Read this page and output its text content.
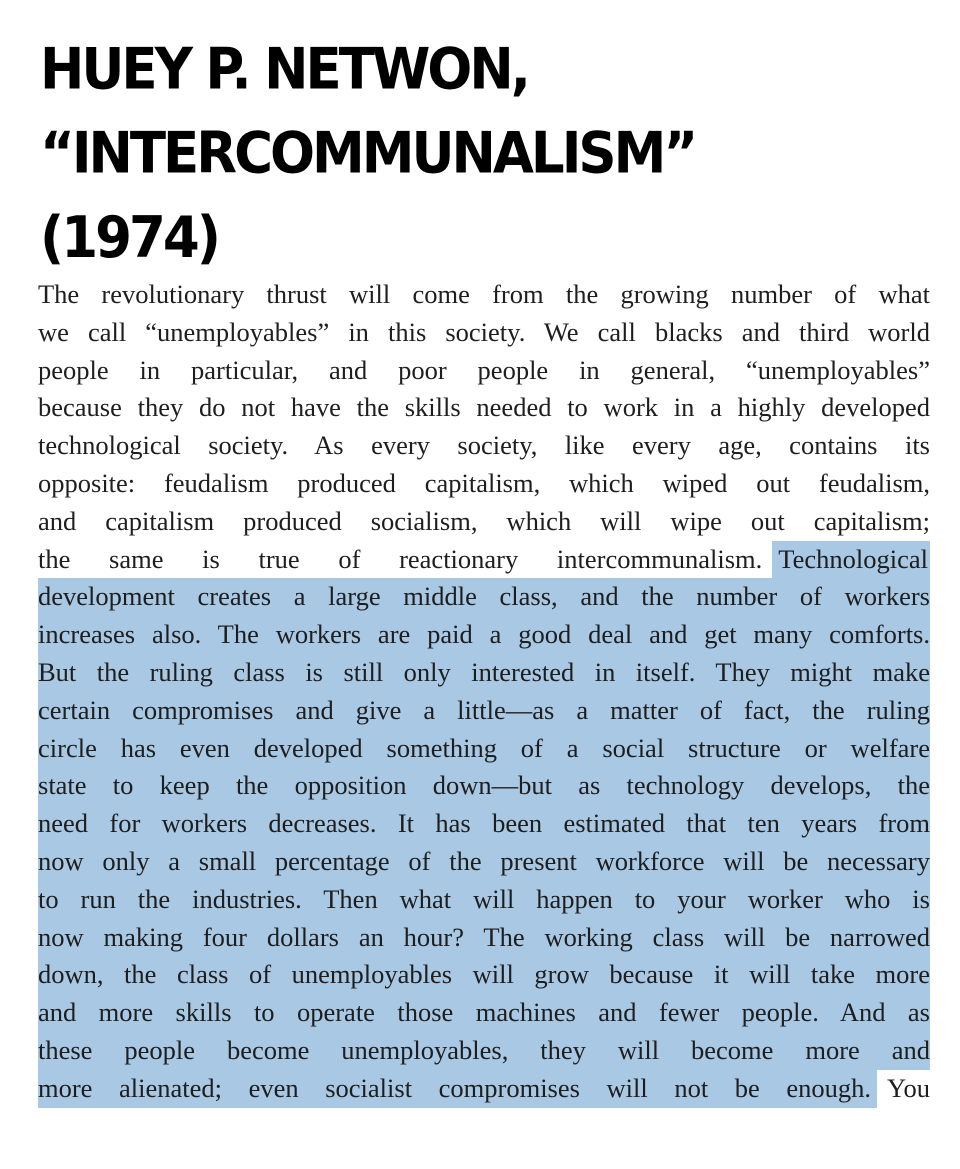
HUEY P. NETWON,
“INTERCOMMUNALISM”
(1974)
The revolutionary thrust will come from the growing number of what
we call “unemployables” in this society. We call blacks and third world
people in particular, and poor people in general, “unemployables”
because they do not have the skills needed to work in a highly developed
technological society. As every society, like every age, contains its
opposite: feudalism produced capitalism, which wiped out feudalism,
and capitalism produced socialism, which will wipe out capitalism;
the same is true of reactionary intercommunalism. Technological
development creates a large middle class, and the number of workers
increases also. The workers are paid a good deal and get many comforts.
But the ruling class is still only interested in itself. They might make
certain compromises and give a little—as a matter of fact, the ruling
circle has even developed something of a social structure or welfare
state to keep the opposition down—but as technology develops, the
need for workers decreases. It has been estimated that ten years from
now only a small percentage of the present workforce will be necessary
to run the industries. Then what will happen to your worker who is
now making four dollars an hour? The working class will be narrowed
down, the class of unemployables will grow because it will take more
and more skills to operate those machines and fewer people. And as
these people become unemployables, they will become more and
more alienated; even socialist compromises will not be enough. You
